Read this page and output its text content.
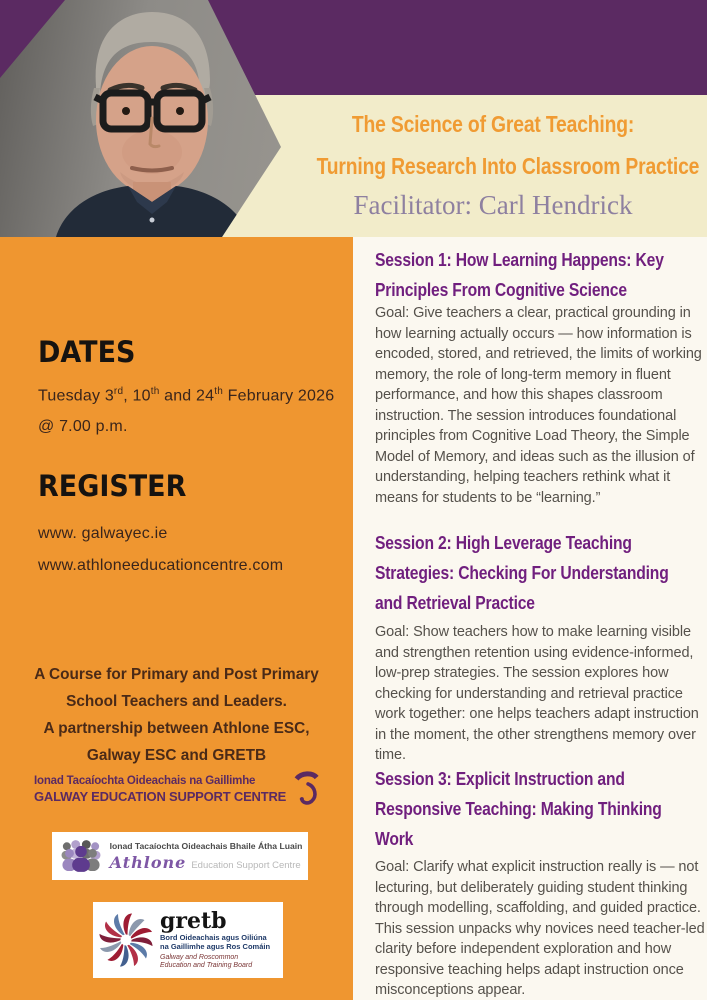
The Science of Great Teaching:
Turning Research Into Classroom Practice
Facilitator: Carl Hendrick
DATES
Tuesday 3rd, 10th and 24th February 2026
@ 7.00 p.m.
REGISTER
www. galwayec.ie
www.athloneeducationcentre.com
A Course for Primary and Post Primary
School Teachers and Leaders.
A partnership between Athlone ESC,
Galway ESC and GRETB
Ionad Tacaíochta Oideachais na Gaillimhe
GALWAY EDUCATION SUPPORT CENTRE
Ionad Tacaíochta Oideachais Bhaile Átha Luain
Athlone Education Support Centre
gretb
Bord Oideachais agus Oiliúna
na Gaillimhe agus Ros Comáin
Galway and Roscommon
Education and Training Board
Session 1: How Learning Happens: Key
Principles From Cognitive Science
Goal: Give teachers a clear, practical grounding in how learning actually occurs — how information is encoded, stored, and retrieved, the limits of working memory, the role of long-term memory in fluent performance, and how this shapes classroom instruction. The session introduces foundational principles from Cognitive Load Theory, the Simple Model of Memory, and ideas such as the illusion of understanding, helping teachers rethink what it means for students to be “learning.”
Session 2: High Leverage Teaching
Strategies: Checking For Understanding
and Retrieval Practice
Goal: Show teachers how to make learning visible and strengthen retention using evidence-informed, low-prep strategies. The session explores how checking for understanding and retrieval practice work together: one helps teachers adapt instruction in the moment, the other strengthens memory over time.
Session 3: Explicit Instruction and
Responsive Teaching: Making Thinking
Work
Goal: Clarify what explicit instruction really is — not lecturing, but deliberately guiding student thinking through modelling, scaffolding, and guided practice. This session unpacks why novices need teacher-led clarity before independent exploration and how responsive teaching helps adapt instruction once misconceptions appear.
